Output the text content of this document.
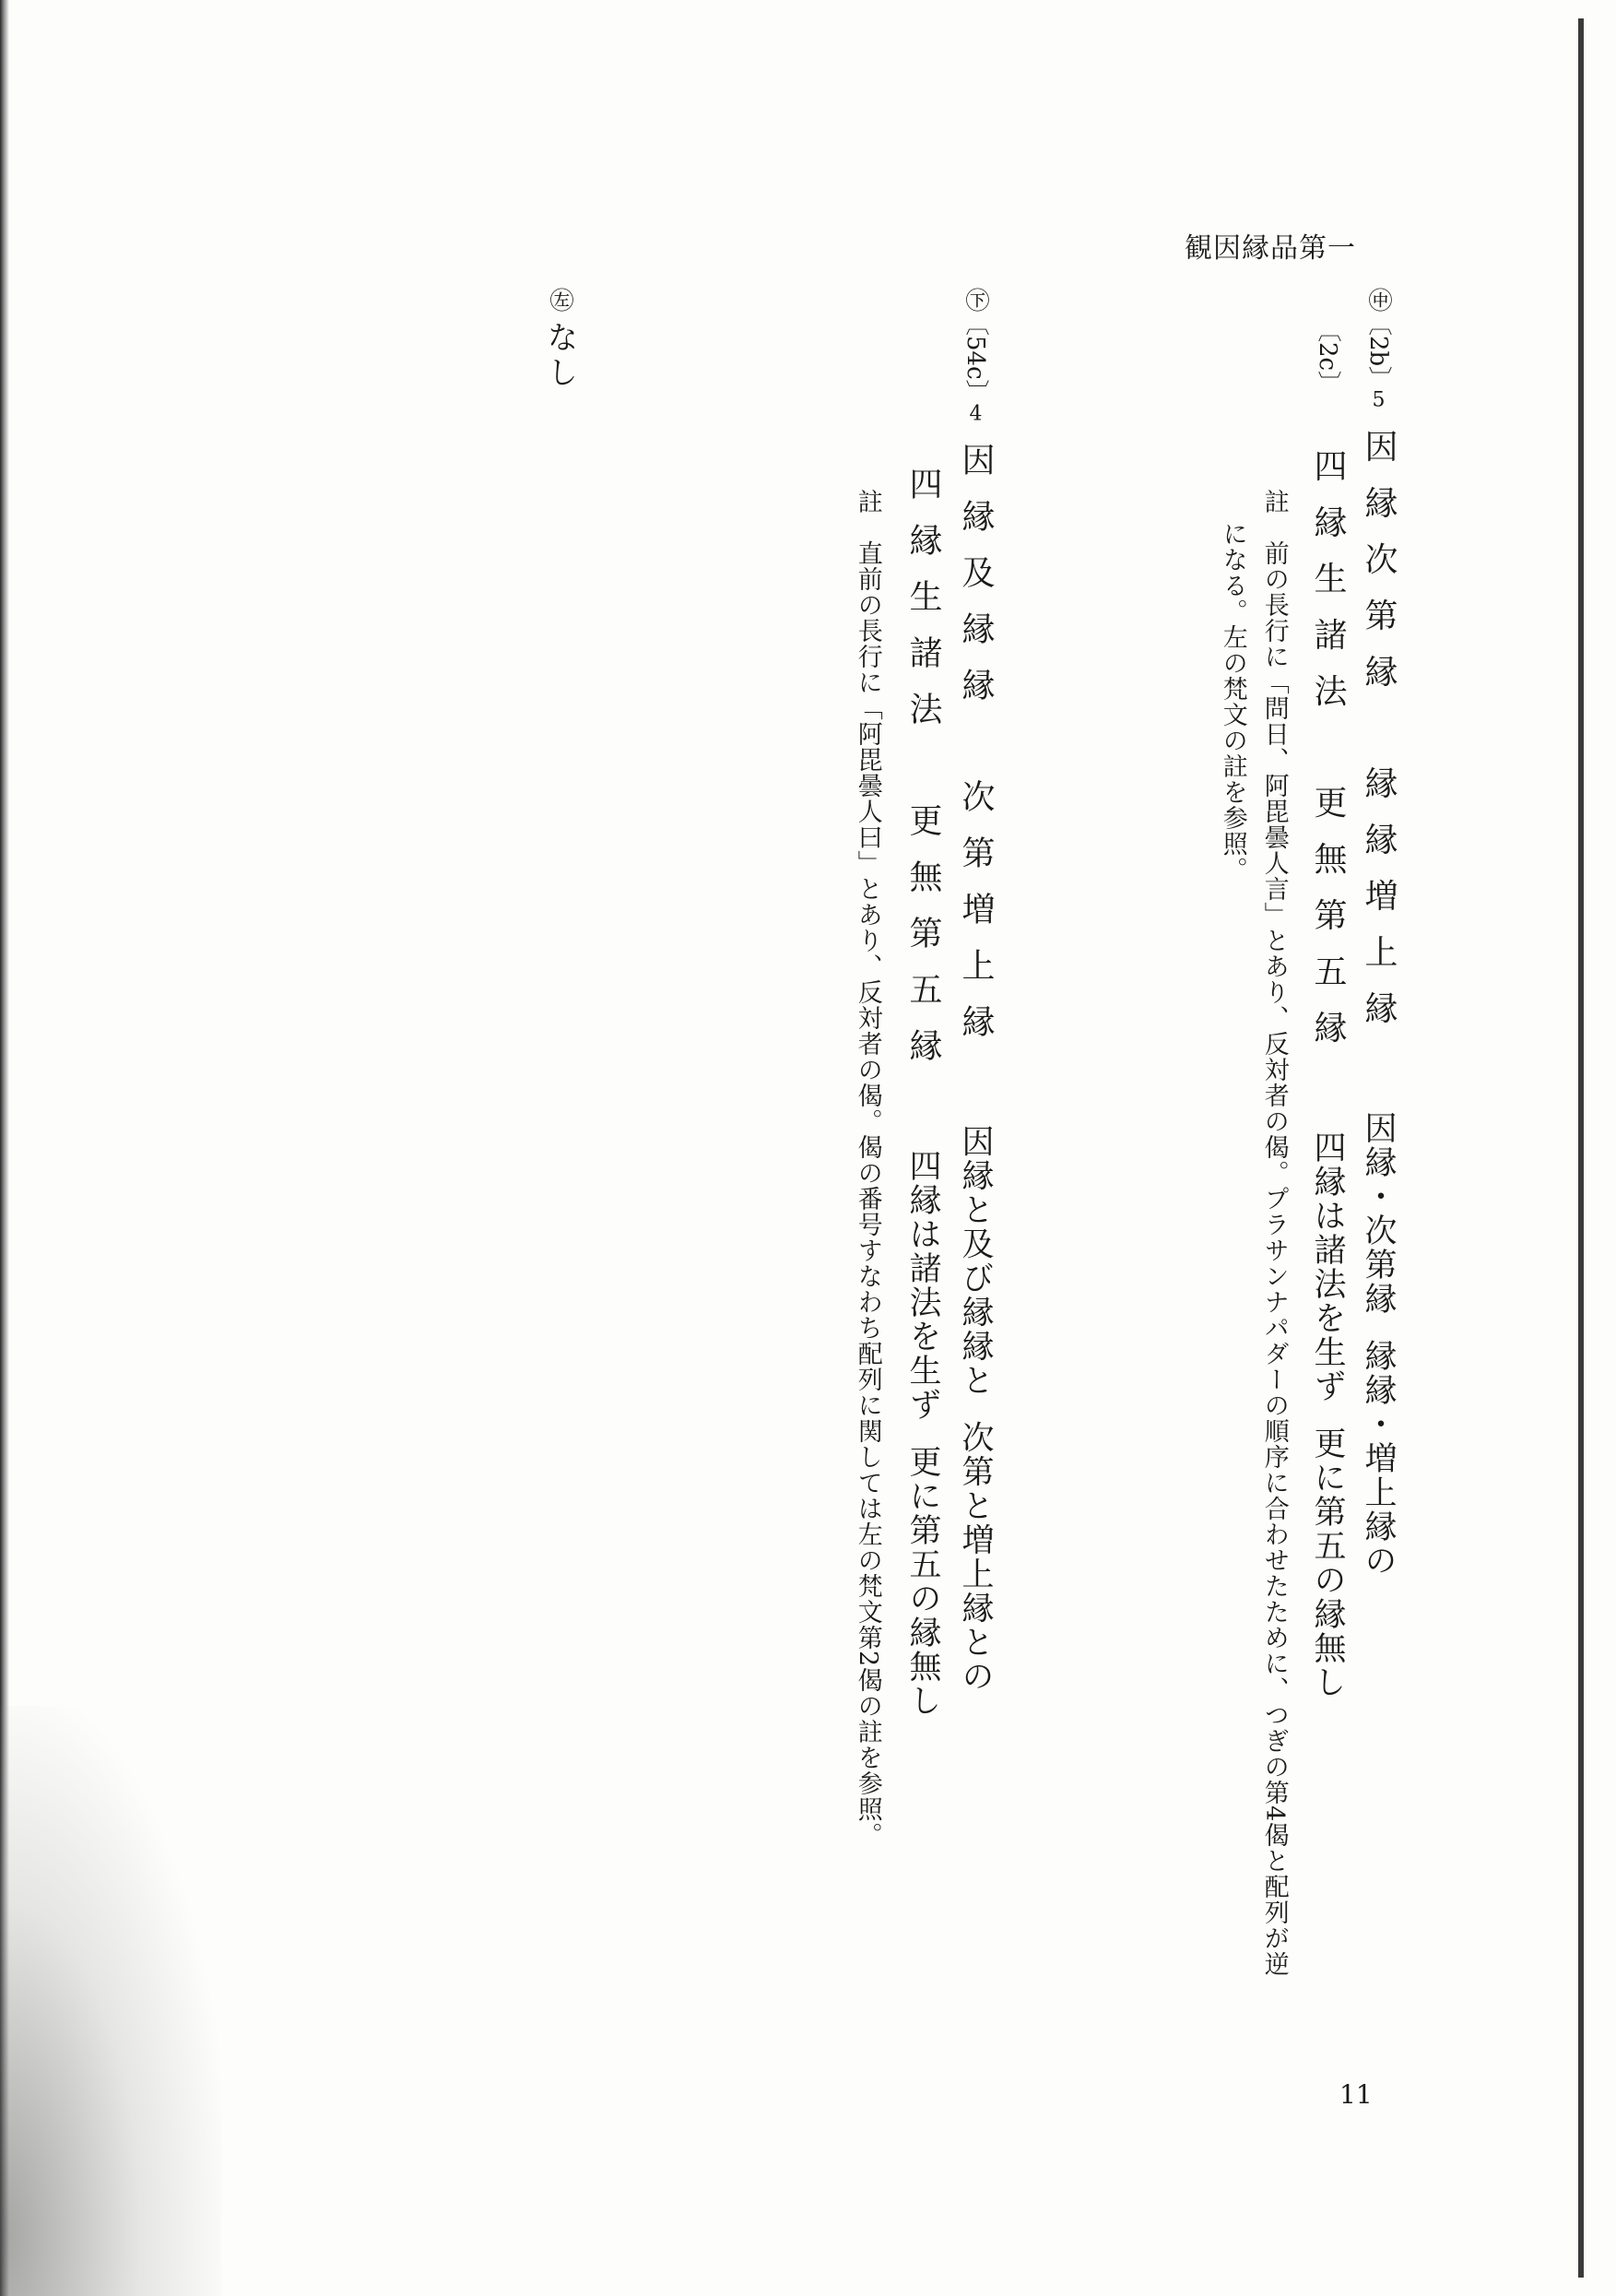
観因縁品第一
㊥〔2b〕5因縁次第縁縁縁増上縁因縁・次第縁縁縁・増上縁の
〔2c〕四縁生諸法更無第五縁四縁は諸法を生ず更に第五の縁無し
註　前の長行に「問日、阿毘曇人言」とあり、反対者の偈。プラサンナパダーの順序に合わせたために、つぎの第4偈と配列が逆
になる。左の梵文の註を参照。
㊦〔54c〕4因縁及縁縁次第増上縁因縁と及び縁縁と次第と増上縁との
四縁生諸法更無第五縁四縁は諸法を生ず更に第五の縁無し
註　直前の長行に「阿毘曇人曰」とあり、反対者の偈。偈の番号すなわち配列に関しては左の梵文第2偈の註を参照。
㊧なし
11
